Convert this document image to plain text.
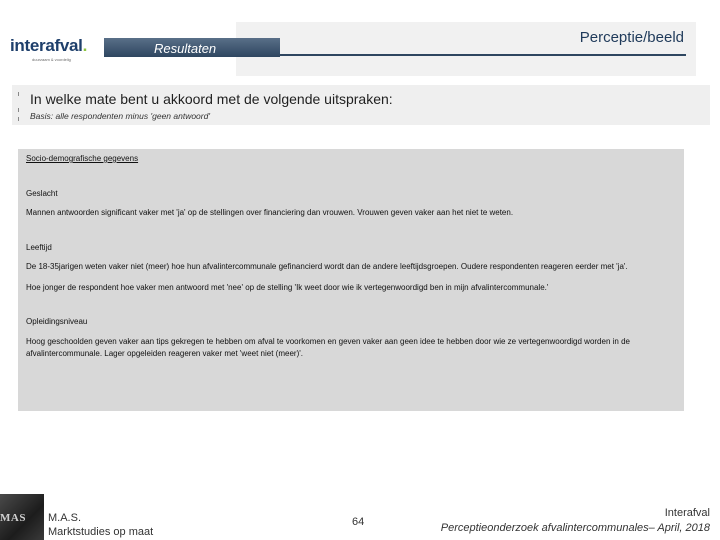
interafval.
duurzaam & voordelig
Resultaten
Perceptie/beeld
In welke mate bent u akkoord met de volgende uitspraken:
Basis: alle respondenten minus 'geen antwoord'

Socio-demografische gegevens

Geslacht

Mannen antwoorden significant vaker met 'ja' op de stellingen over financiering dan vrouwen. Vrouwen geven vaker aan het niet te weten.

Leeftijd

De 18-35jarigen weten vaker niet (meer) hoe hun afvalintercommunale gefinancierd wordt dan de andere leeftijdsgroepen. Oudere respondenten reageren eerder met 'ja'.

Hoe jonger de respondent hoe vaker men antwoord met 'nee' op de stelling 'Ik weet door wie ik vertegenwoordigd ben in mijn afvalintercommunale.'

Opleidingsniveau

Hoog geschoolden geven vaker aan tips gekregen te hebben om afval te voorkomen en geven vaker aan geen idee te hebben door wie ze vertegenwoordigd worden in de afvalintercommunale. Lager opgeleiden reageren vaker met 'weet niet (meer)'.

MAS M.A.S.
Marktstudies op maat
64
Interafval
Perceptieonderzoek afvalintercommunales– April, 2018
